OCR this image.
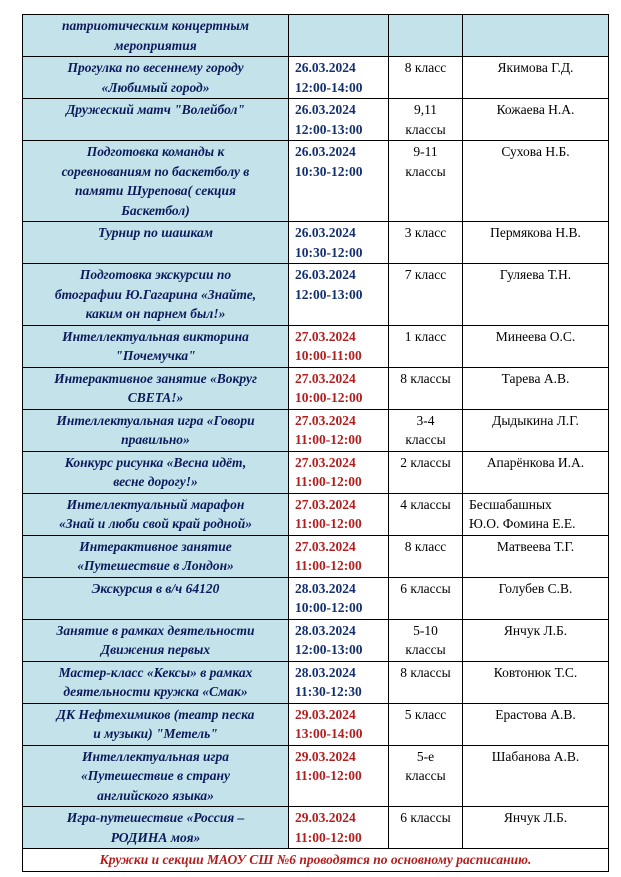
патриотическим концертным
мероприятия			

Прогулка по весеннему городу
«Любимый город»	26.03.2024
12:00-14:00	8 класс	Якимова Г.Д.

Дружеский матч "Волейбол"	26.03.2024
12:00-13:00	9,11
классы	Кожаева Н.А.

Подготовка команды к
соревнованиям по баскетболу в
памяти Шурепова( секция
Баскетбол)	26.03.2024
10:30-12:00	9-11
классы	Сухова Н.Б.

Турнир по шашкам	26.03.2024
10:30-12:00	3 класс	Пермякова Н.В.

Подготовка экскурсии по
бтографии Ю.Гагарина «Знайте,
каким он парнем был!»	26.03.2024
12:00-13:00	7 класс	Гуляева Т.Н.

Интеллектуальная викторина
"Почемучка"	27.03.2024
10:00-11:00	1 класс	Минеева О.С.

Интерактивное занятие «Вокруг
СВЕТА!»	27.03.2024
10:00-12:00	8 классы	Тарева А.В.

Интеллектуальная игра «Говори
правильно»	27.03.2024
11:00-12:00	3-4
классы	Дыдыкина Л.Г.

Конкурс рисунка «Весна идёт,
весне дорогу!»	27.03.2024
11:00-12:00	2 классы	Апарёнкова И.А.

Интеллектуальный марафон
«Знай и люби свой край родной»	27.03.2024
11:00-12:00	4 классы	Бесшабашных
Ю.О. Фомина Е.Е.

Интерактивное занятие
«Путешествие в Лондон»	27.03.2024
11:00-12:00	8 класс	Матвеева Т.Г.

Экскурсия в в/ч 64120	28.03.2024
10:00-12:00	6 классы	Голубев С.В.

Занятие в рамках деятельности
Движения первых	28.03.2024
12:00-13:00	5-10
классы	Янчук Л.Б.

Мастер-класс «Кексы» в рамках
деятельности кружка «Смак»	28.03.2024
11:30-12:30	8 классы	Ковтонюк Т.С.

ДК Нефтехимиков (театр песка
и музыки) "Метель"	29.03.2024
13:00-14:00	5 класс	Ерастова А.В.

Интеллектуальная игра
«Путешествие в страну
английского языка»	29.03.2024
11:00-12:00	5-е
классы	Шабанова А.В.

Игра-путешествие «Россия –
РОДИНА моя»	29.03.2024
11:00-12:00	6 классы	Янчук Л.Б.

Кружки и секции МАОУ СШ №6 проводятся по основному расписанию.			
